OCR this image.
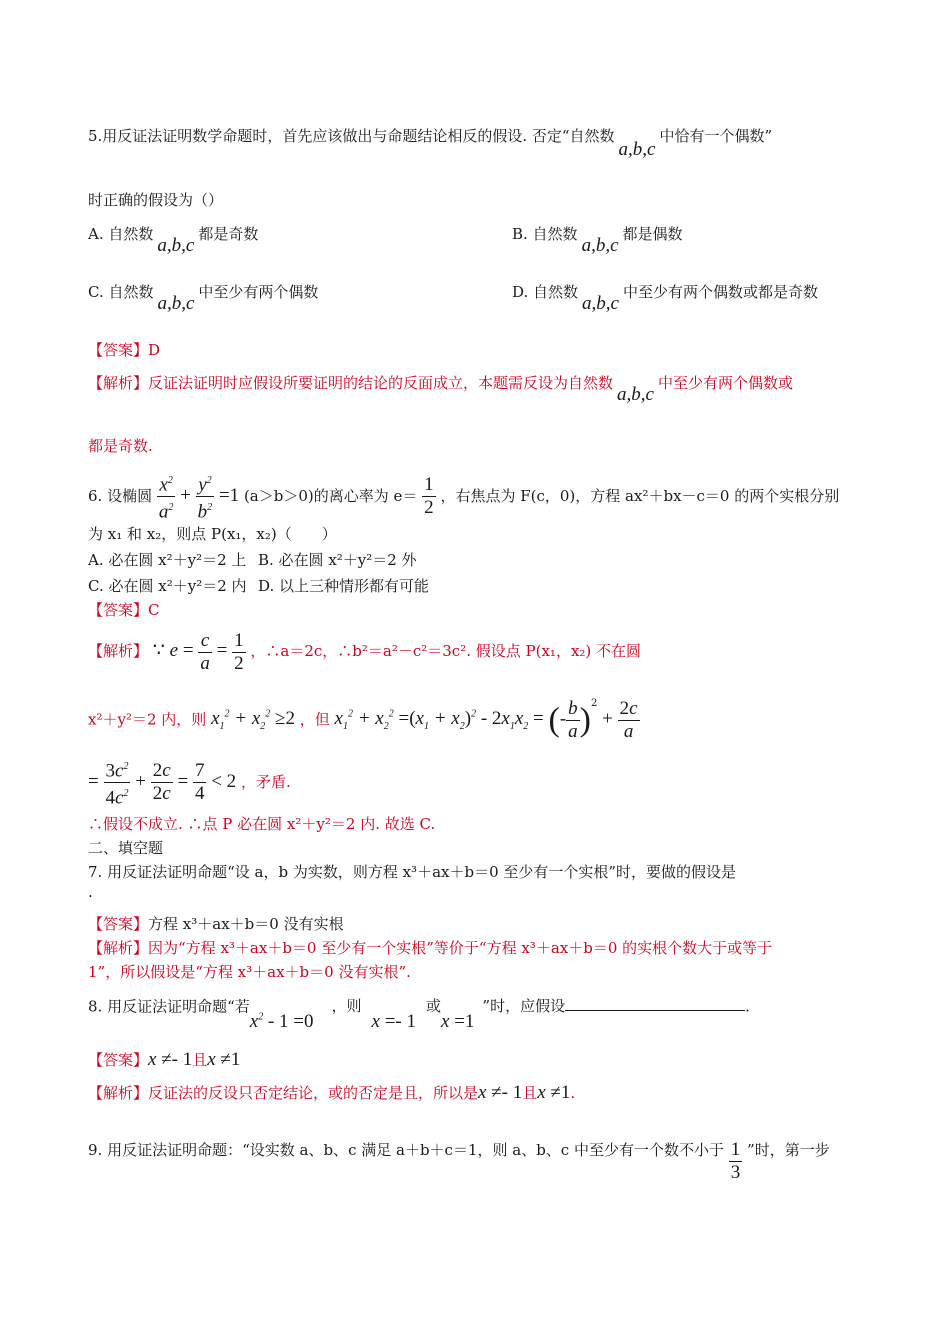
5.用反证法证明数学命题时，首先应该做出与命题结论相反的假设. 否定“自然数a,b,c中恰有一个偶数”
时正确的假设为（）
A. 自然数a,b,c都是奇数	B. 自然数a,b,c都是偶数
C. 自然数a,b,c中至少有两个偶数	D. 自然数a,b,c中至少有两个偶数或都是奇数
【答案】D
【解析】反证法证明时应假设所要证明的结论的反面成立，本题需反设为自然数a,b,c中至少有两个偶数或
都是奇数.
6. 设椭圆 $\frac{x^2}{a^2} + \frac{y^2}{b^2} =1$ (a＞b＞0)的离心率为 $e= \frac{1}{2}$ ，右焦点为 F(c，0)，方程 ax²＋bx－c＝0 的两个实根分别
为 x₁ 和 x₂，则点 P(x₁，x₂)（　　）
A. 必在圆 x²＋y²＝2 上 B. 必在圆 x²＋y²＝2 外
C. 必在圆 x²＋y²＝2 内 D. 以上三种情形都有可能
【答案】C
【解析】 ∵ $e = \frac{c}{a} = \frac{1}{2}$ ，∴a＝2c，∴b²＝a²－c²＝3c². 假设点 P(x₁，x₂) 不在圆
x²＋y²＝2 内，则 $x_1^2 + x_2^2 \ge 2$ ，但 $x_1^2 + x_2^2 =(x_1 + x_2)^2 - 2x_1x_2$ = (- $\frac{b}{a} )^2 + \frac{2c}{a}$
= $\frac{3c^2}{4c^2} + \frac{2c}{2c} = \frac{7}{4} < 2$ ，矛盾.
∴假设不成立. ∴点 P 必在圆 x²＋y²＝2 内. 故选 C.
二、填空题
7. 用反证法证明命题“设 a，b 为实数，则方程 x³＋ax＋b＝0 至少有一个实根”时，要做的假设是
.
【答案】方程 x³＋ax＋b＝0 没有实根
【解析】因为“方程 x³＋ax＋b＝0 至少有一个实根”等价于“方程 x³＋ax＋b＝0 的实根个数大于或等于
1”，所以假设是“方程 x³＋ax＋b＝0 没有实根”.
8. 用反证法证明命题“若$x^2 - 1 =0$，则x =- 1或x =1”时，应假设	.
【答案】x ≠- 1且x ≠1
【解析】反证法的反设只否定结论，或的否定是且，所以是x ≠- 1且x ≠1.
9. 用反证法证明命题：“设实数 a、b、c 满足 a＋b＋c＝1，则 a、b、c 中至少有一个数不小于 $\frac{1}{3}$ ”时，第一步
